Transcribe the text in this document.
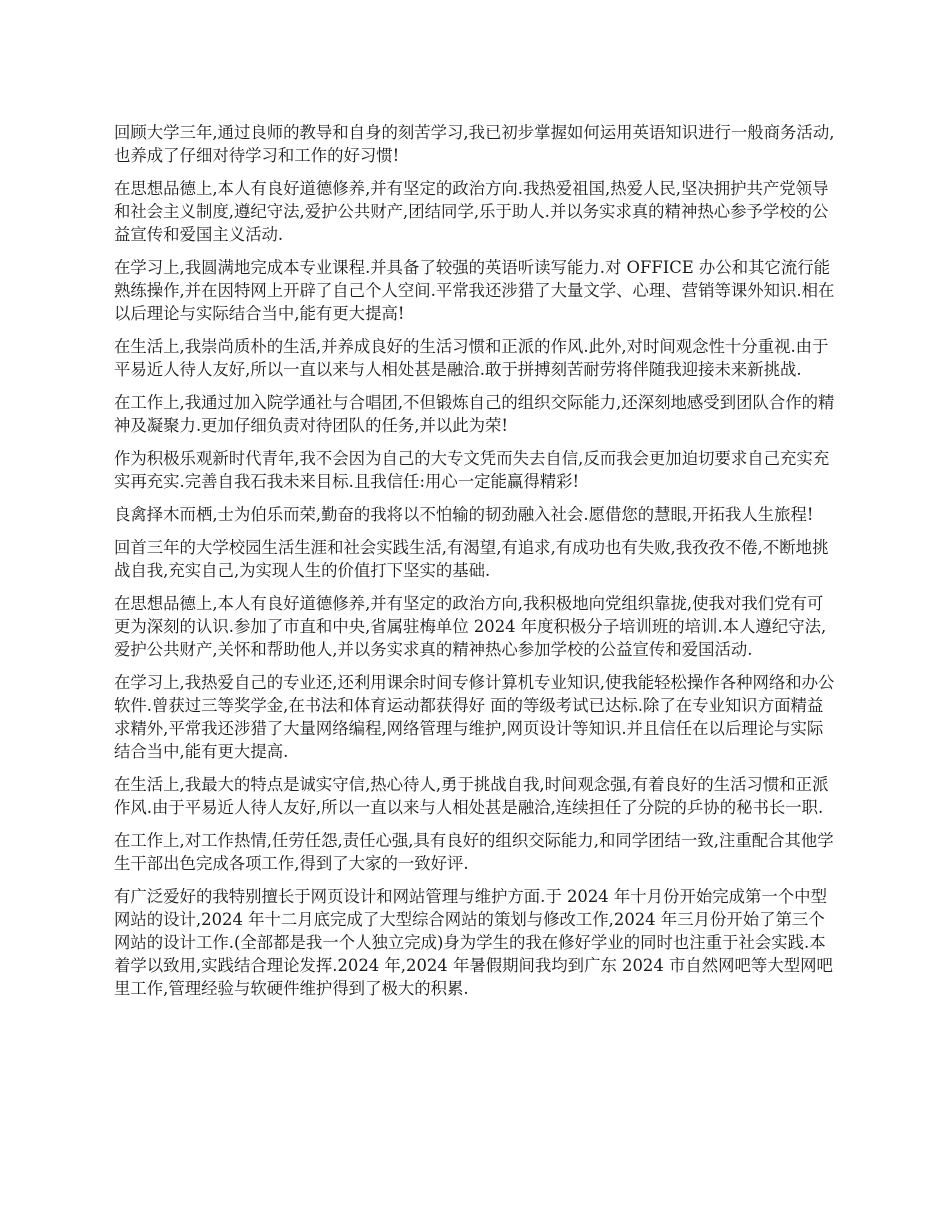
回顾大学三年,通过良师的教导和自身的刻苦学习,我已初步掌握如何运用英语知识进行一般商务活动,也养成了仔细对待学习和工作的好习惯!

在思想品德上,本人有良好道德修养,并有坚定的政治方向.我热爱祖国,热爱人民,坚决拥护共产党领导和社会主义制度,遵纪守法,爱护公共财产,团结同学,乐于助人.并以务实求真的精神热心参予学校的公益宣传和爱国主义活动.

在学习上,我圆满地完成本专业课程.并具备了较强的英语听读写能力.对 OFFICE 办公和其它流行能熟练操作,并在因特网上开辟了自己个人空间.平常我还涉猎了大量文学、心理、营销等课外知识.相在以后理论与实际结合当中,能有更大提高!

在生活上,我崇尚质朴的生活,并养成良好的生活习惯和正派的作风.此外,对时间观念性十分重视.由于平易近人待人友好,所以一直以来与人相处甚是融洽.敢于拼搏刻苦耐劳将伴随我迎接未来新挑战.

在工作上,我通过加入院学通社与合唱团,不但锻炼自己的组织交际能力,还深刻地感受到团队合作的精神及凝聚力.更加仔细负责对待团队的任务,并以此为荣!

作为积极乐观新时代青年,我不会因为自己的大专文凭而失去自信,反而我会更加迫切要求自己充实充实再充实.完善自我石我未来目标.且我信任:用心一定能赢得精彩!

良禽择木而栖,士为伯乐而荣,勤奋的我将以不怕输的韧劲融入社会.愿借您的慧眼,开拓我人生旅程!

回首三年的大学校园生活生涯和社会实践生活,有渴望,有追求,有成功也有失败,我孜孜不倦,不断地挑战自我,充实自己,为实现人生的价值打下坚实的基础.

在思想品德上,本人有良好道德修养,并有坚定的政治方向,我积极地向党组织靠拢,使我对我们党有可更为深刻的认识.参加了市直和中央,省属驻梅单位 2024 年度积极分子培训班的培训.本人遵纪守法,爱护公共财产,关怀和帮助他人,并以务实求真的精神热心参加学校的公益宣传和爱国活动.

在学习上,我热爱自己的专业还,还利用课余时间专修计算机专业知识,使我能轻松操作各种网络和办公软件.曾获过三等奖学金,在书法和体育运动都获得好 面的等级考试已达标.除了在专业知识方面精益求精外,平常我还涉猎了大量网络编程,网络管理与维护,网页设计等知识.并且信任在以后理论与实际结合当中,能有更大提高.

在生活上,我最大的特点是诚实守信,热心待人,勇于挑战自我,时间观念强,有着良好的生活习惯和正派作风.由于平易近人待人友好,所以一直以来与人相处甚是融洽,连续担任了分院的乒协的秘书长一职.

在工作上,对工作热情,任劳任怨,责任心强,具有良好的组织交际能力,和同学团结一致,注重配合其他学生干部出色完成各项工作,得到了大家的一致好评.

有广泛爱好的我特别擅长于网页设计和网站管理与维护方面.于 2024 年十月份开始完成第一个中型网站的设计,2024 年十二月底完成了大型综合网站的策划与修改工作,2024 年三月份开始了第三个网站的设计工作.(全部都是我一个人独立完成)身为学生的我在修好学业的同时也注重于社会实践.本着学以致用,实践结合理论发挥.2024 年,2024 年暑假期间我均到广东 2024 市自然网吧等大型网吧里工作,管理经验与软硬件维护得到了极大的积累.
